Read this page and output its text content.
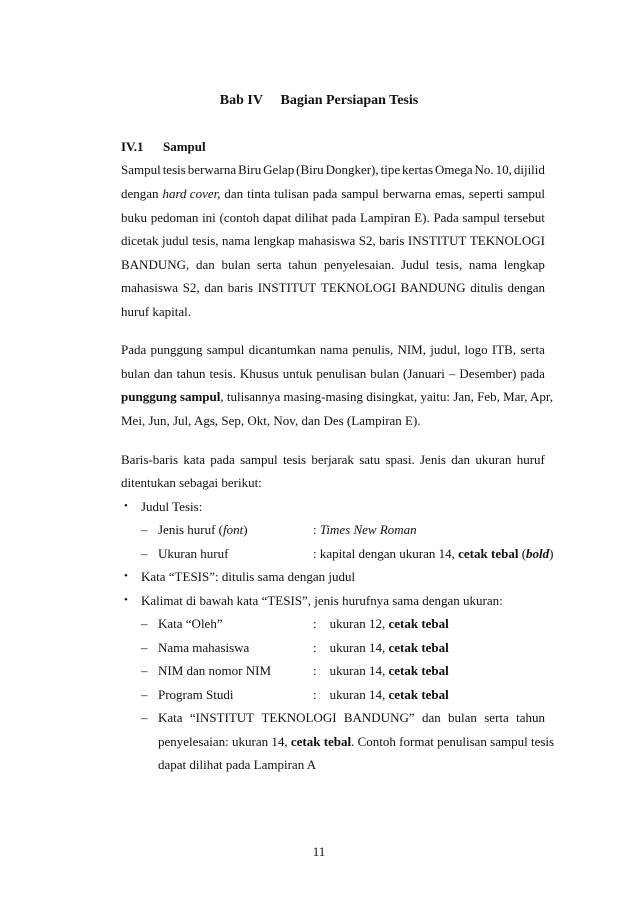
Bab IV Bagian Persiapan Tesis
IV.1 Sampul
Sampul tesis berwarna Biru Gelap (Biru Dongker), tipe kertas Omega No. 10, dijilid
dengan hard cover, dan tinta tulisan pada sampul berwarna emas, seperti sampul
buku pedoman ini (contoh dapat dilihat pada Lampiran E). Pada sampul tersebut
dicetak judul tesis, nama lengkap mahasiswa S2, baris INSTITUT TEKNOLOGI
BANDUNG, dan bulan serta tahun penyelesaian. Judul tesis, nama lengkap
mahasiswa S2, dan baris INSTITUT TEKNOLOGI BANDUNG ditulis dengan
huruf kapital.
Pada punggung sampul dicantumkan nama penulis, NIM, judul, logo ITB, serta
bulan dan tahun tesis. Khusus untuk penulisan bulan (Januari – Desember) pada
punggung sampul, tulisannya masing-masing disingkat, yaitu: Jan, Feb, Mar, Apr,
Mei, Jun, Jul, Ags, Sep, Okt, Nov, dan Des (Lampiran E).
Baris-baris kata pada sampul tesis berjarak satu spasi. Jenis dan ukuran huruf
ditentukan sebagai berikut:
• Judul Tesis:
– Jenis huruf (font)	: Times New Roman
– Ukuran huruf	: kapital dengan ukuran 14, cetak tebal (bold)
• Kata “TESIS”: ditulis sama dengan judul
• Kalimat di bawah kata “TESIS”, jenis hurufnya sama dengan ukuran:
– Kata “Oleh”	: ukuran 12, cetak tebal
– Nama mahasiswa	: ukuran 14, cetak tebal
– NIM dan nomor NIM	: ukuran 14, cetak tebal
– Program Studi	: ukuran 14, cetak tebal
– Kata “INSTITUT TEKNOLOGI BANDUNG” dan bulan serta tahun
penyelesaian: ukuran 14, cetak tebal. Contoh format penulisan sampul tesis
dapat dilihat pada Lampiran A
11
